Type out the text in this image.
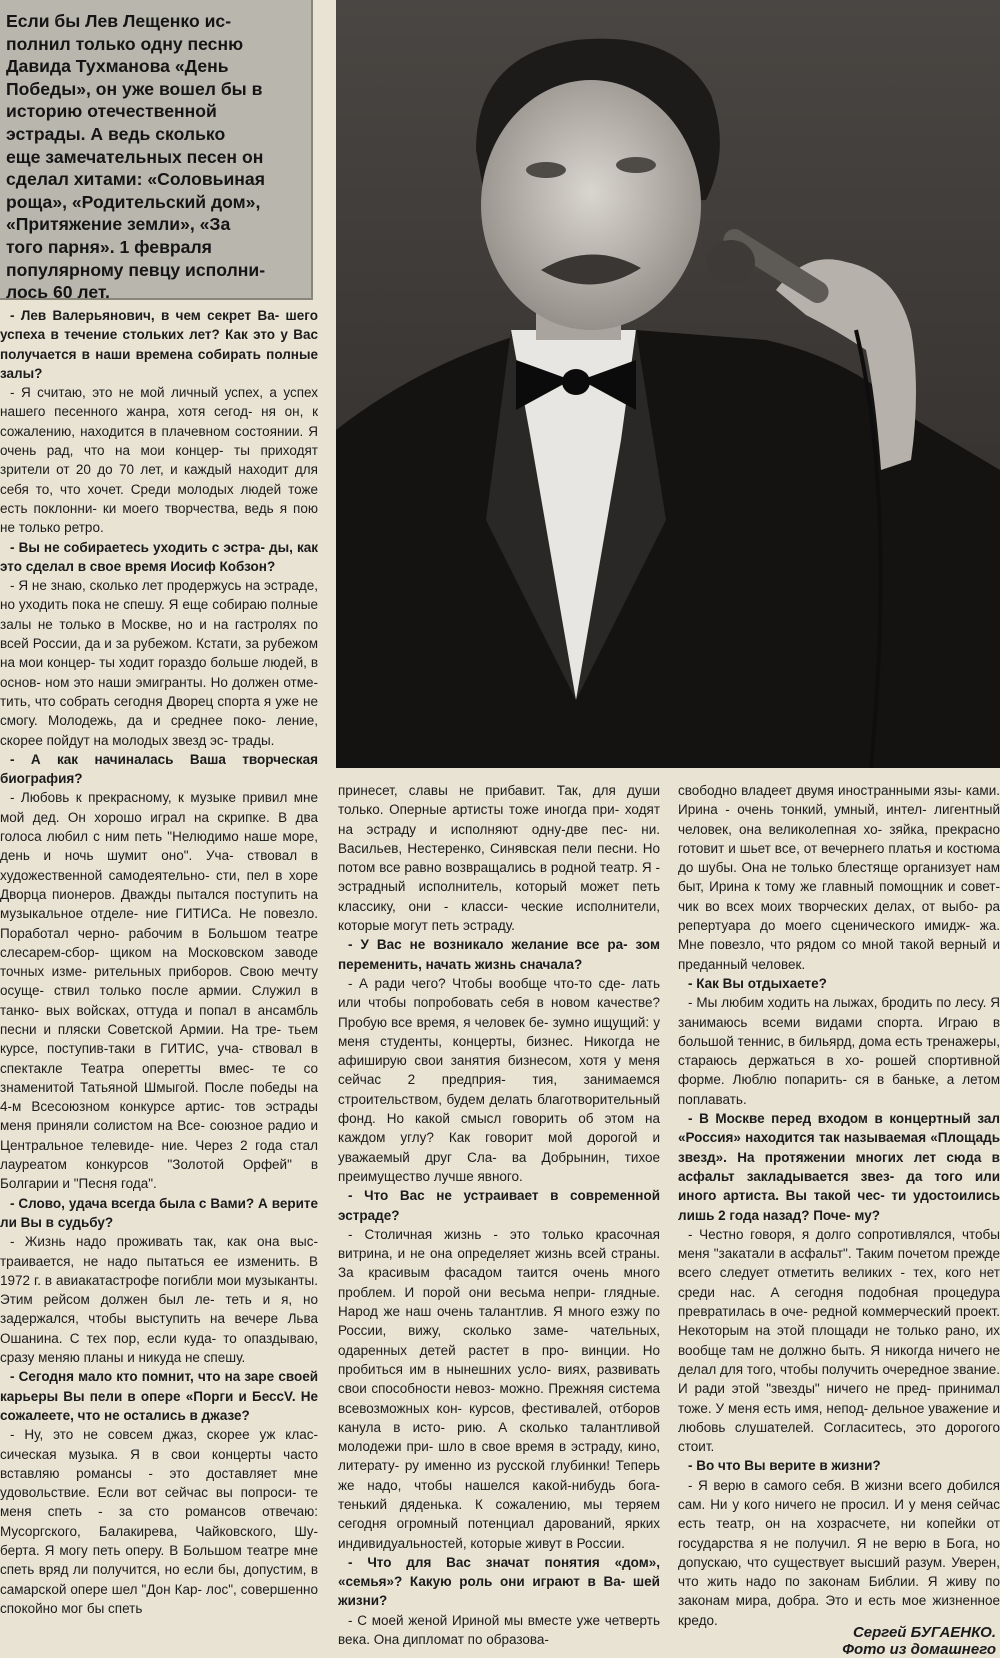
Если бы Лев Лещенко ис-
полнил только одну песню
Давида Тухманова «День
Победы», он уже вошел бы в
историю отечественной
эстрады. А ведь сколько
еще замечательных песен он
сделал хитами: «Соловьиная
роща», «Родительский дом»,
«Притяжение земли», «За
того парня». 1 февраля
популярному певцу исполни-
лось 60 лет.

- Лев Валерьянович, в чем секрет Ва- шего успеха в течение стольких лет? Как это у Вас получается в наши времена собирать полные залы?

- Я считаю, это не мой личный успех, а успех нашего песенного жанра, хотя сегод- ня он, к сожалению, находится в плачевном состоянии. Я очень рад, что на мои концер- ты приходят зрители от 20 до 70 лет, и каждый находит для себя то, что хочет. Среди молодых людей тоже есть поклонни- ки моего творчества, ведь я пою не только ретро.

- Вы не собираетесь уходить с эстра- ды, как это сделал в свое время Иосиф Кобзон?

- Я не знаю, сколько лет продержусь на эстраде, но уходить пока не спешу. Я еще собираю полные залы не только в Москве, но и на гастролях по всей России, да и за рубежом. Кстати, за рубежом на мои концер- ты ходит гораздо больше людей, в основ- ном это наши эмигранты. Но должен отме- тить, что собрать сегодня Дворец спорта я уже не смогу. Молодежь, да и среднее поко- ление, скорее пойдут на молодых звезд эс- трады.

- А как начиналась Ваша творческая биография?

- Любовь к прекрасному, к музыке привил мне мой дед. Он хорошо играл на скрипке. В два голоса любил с ним петь "Нелюдимо наше море, день и ночь шумит оно". Уча- ствовал в художественной самодеятельно- сти, пел в хоре Дворца пионеров. Дважды пытался поступить на музыкальное отделе- ние ГИТИСа. Не повезло. Поработал черно- рабочим в Большом театре слесарем-сбор- щиком на Московском заводе точных изме- рительных приборов. Свою мечту осуще- ствил только после армии. Служил в танко- вых войсках, оттуда и попал в ансамбль песни и пляски Советской Армии. На тре- тьем курсе, поступив-таки в ГИТИС, уча- ствовал в спектакле Театра оперетты вмес- те со знаменитой Татьяной Шмыгой. После победы на 4-м Всесоюзном конкурсе артис- тов эстрады меня приняли солистом на Все- союзное радио и Центральное телевиде- ние. Через 2 года стал лауреатом конкурсов "Золотой Орфей" в Болгарии и "Песня года".

- Слово, удача всегда была с Вами? А верите ли Вы в судьбу?

- Жизнь надо проживать так, как она выс- траивается, не надо пытаться ее изменить. В 1972 г. в авиакатастрофе погибли мои музыканты. Этим рейсом должен был ле- теть и я, но задержался, чтобы выступить на вечере Льва Ошанина. С тех пор, если куда- то опаздываю, сразу меняю планы и никуда не спешу.

- Сегодня мало кто помнит, что на заре своей карьеры Вы пели в опере «Порги и БессV. Не сожалеете, что не остались в джазе?

- Ну, это не совсем джаз, скорее уж клас- сическая музыка. Я в свои концерты часто вставляю романсы - это доставляет мне удовольствие. Если вот сейчас вы попроси- те меня спеть - за сто романсов отвечаю: Мусоргского, Балакирева, Чайковского, Шу- берта. Я могу петь оперу. В Большом театре мне спеть вряд ли получится, но если бы, допустим, в самарской опере шел "Дон Кар- лос", совершенно спокойно мог бы спеть

принесет, славы не прибавит. Так, для души только. Оперные артисты тоже иногда при- ходят на эстраду и исполняют одну-две пес- ни. Васильев, Нестеренко, Синявская пели песни. Но потом все равно возвращались в родной театр. Я - эстрадный исполнитель, который может петь классику, они - класси- ческие исполнители, которые могут петь эстраду.

- У Вас не возникало желание все ра- зом переменить, начать жизнь сначала?

- А ради чего? Чтобы вообще что-то сде- лать или чтобы попробовать себя в новом качестве? Пробую все время, я человек бе- зумно ищущий: у меня студенты, концерты, бизнес. Никогда не афиширую свои занятия бизнесом, хотя у меня сейчас 2 предприя- тия, занимаемся строительством, будем делать благотворительный фонд. Но какой смысл говорить об этом на каждом углу? Как говорит мой дорогой и уважаемый друг Сла- ва Добрынин, тихое преимущество лучше явного.

- Что Вас не устраивает в современной эстраде?

- Столичная жизнь - это только красочная витрина, и не она определяет жизнь всей страны. За красивым фасадом таится очень много проблем. И порой они весьма непри- глядные. Народ же наш очень талантлив. Я много езжу по России, вижу, сколько заме- чательных, одаренных детей растет в про- винции. Но пробиться им в нынешних усло- виях, развивать свои способности невоз- можно. Прежняя система всевозможных кон- курсов, фестивалей, отборов канула в исто- рию. А сколько талантливой молодежи при- шло в свое время в эстраду, кино, литерату- ру именно из русской глубинки! Теперь же надо, чтобы нашелся какой-нибудь бога- тенький дяденька. К сожалению, мы теряем сегодня огромный потенциал дарований, ярких индивидуальностей, которые живут в России.

- Что для Вас значат понятия «дом», «семья»? Какую роль они играют в Ва- шей жизни?

- С моей женой Ириной мы вместе уже четверть века. Она дипломат по образова-

свободно владеет двумя иностранными язы- ками. Ирина - очень тонкий, умный, интел- лигентный человек, она великолепная хо- зяйка, прекрасно готовит и шьет все, от вечернего платья и костюма до шубы. Она не только блестяще организует нам быт, Ирина к тому же главный помощник и совет- чик во всех моих творческих делах, от выбо- ра репертуара до моего сценического имидж- жа. Мне повезло, что рядом со мной такой верный и преданный человек.

- Как Вы отдыхаете?

- Мы любим ходить на лыжах, бродить по лесу. Я занимаюсь всеми видами спорта. Играю в большой теннис, в бильярд, дома есть тренажеры, стараюсь держаться в хо- рошей спортивной форме. Люблю попарить- ся в баньке, а летом поплавать.

- В Москве перед входом в концертный зал «Россия» находится так называемая «Площадь звезд». На протяжении многих лет сюда в асфальт закладывается звез- да того или иного артиста. Вы такой чес- ти удостоились лишь 2 года назад? Поче- му?

- Честно говоря, я долго сопротивлялся, чтобы меня "закатали в асфальт". Таким почетом прежде всего следует отметить великих - тех, кого нет среди нас. А сегодня подобная процедура превратилась в оче- редной коммерческий проект. Некоторым на этой площади не только рано, их вообще там не должно быть. Я никогда ничего не делал для того, чтобы получить очередное звание. И ради этой "звезды" ничего не пред- принимал тоже. У меня есть имя, непод- дельное уважение и любовь слушателей. Согласитесь, это дорогого стоит.

- Во что Вы верите в жизни?

- Я верю в самого себя. В жизни всего добился сам. Ни у кого ничего не просил. И у меня сейчас есть театр, он на хозрасчете, ни копейки от государства я не получил. Я не верю в Бога, но допускаю, что существует высший разум. Уверен, что жить надо по законам Библии. Я живу по законам мира, добра. Это и есть мое жизненное кредо.

Сергей БУГАЕНКО.
Фото из домашнего
